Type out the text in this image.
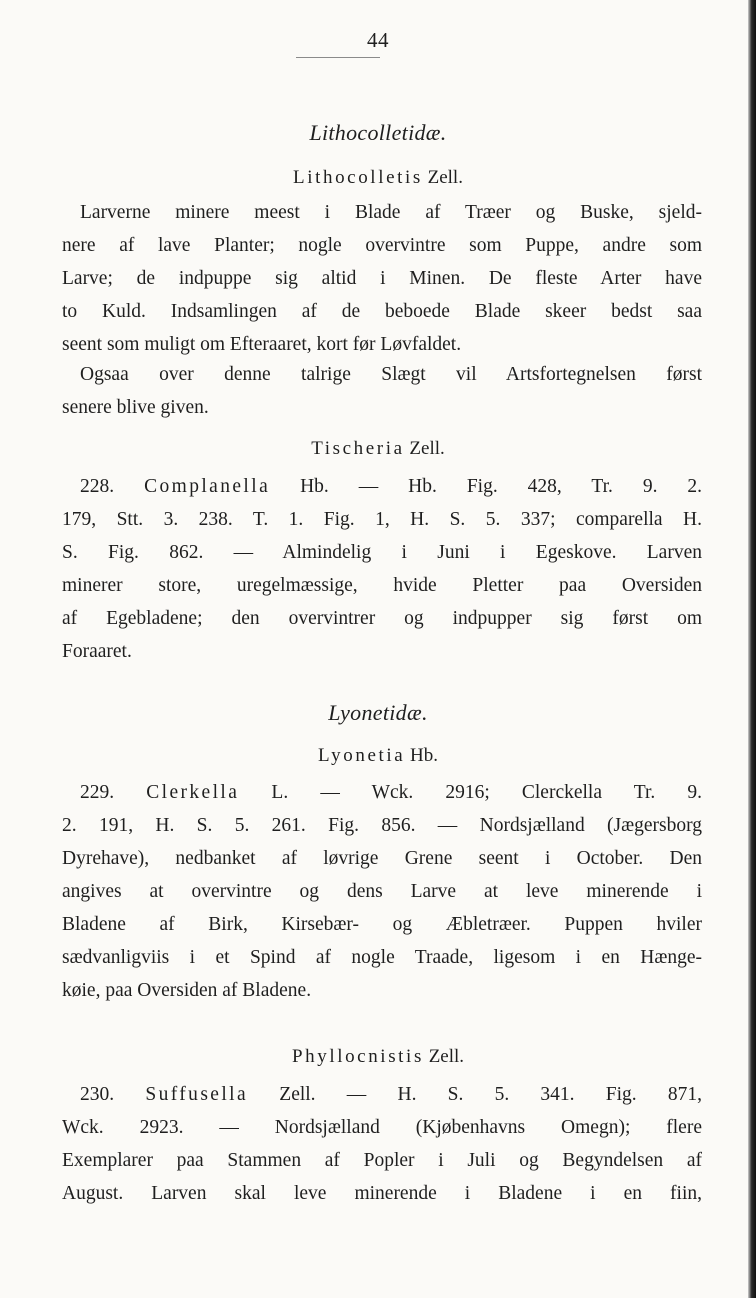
44
Lithocolletidæ.
Lithocolletis Zell.
Larverne minere meest i Blade af Træer og Buske, sjeld-
nere af lave Planter; nogle overvintre som Puppe, andre som
Larve; de indpuppe sig altid i Minen. De fleste Arter have
to Kuld. Indsamlingen af de beboede Blade skeer bedst saa
seent som muligt om Efteraaret, kort før Løvfaldet.
Ogsaa over denne talrige Slægt vil Artsfortegnelsen først
senere blive given.
Tischeria Zell.
228. Complanella Hb. — Hb. Fig. 428, Tr. 9. 2.
179, Stt. 3. 238. T. 1. Fig. 1, H. S. 5. 337; comparella H.
S. Fig. 862. — Almindelig i Juni i Egeskove. Larven
minerer store, uregelmæssige, hvide Pletter paa Oversiden
af Egebladene; den overvintrer og indpupper sig først om
Foraaret.
Lyonetidæ.
Lyonetia Hb.
229. Clerkella L. — Wck. 2916; Clerckella Tr. 9.
2. 191, H. S. 5. 261. Fig. 856. — Nordsjælland (Jægersborg
Dyrehave), nedbanket af løvrige Grene seent i October. Den
angives at overvintre og dens Larve at leve minerende i
Bladene af Birk, Kirsebær- og Æbletræer. Puppen hviler
sædvanligviis i et Spind af nogle Traade, ligesom i en Hænge-
køie, paa Oversiden af Bladene.
Phyllocnistis Zell.
230. Suffusella Zell. — H. S. 5. 341. Fig. 871,
Wck. 2923. — Nordsjælland (Kjøbenhavns Omegn); flere
Exemplarer paa Stammen af Popler i Juli og Begyndelsen af
August. Larven skal leve minerende i Bladene i en fiin,
